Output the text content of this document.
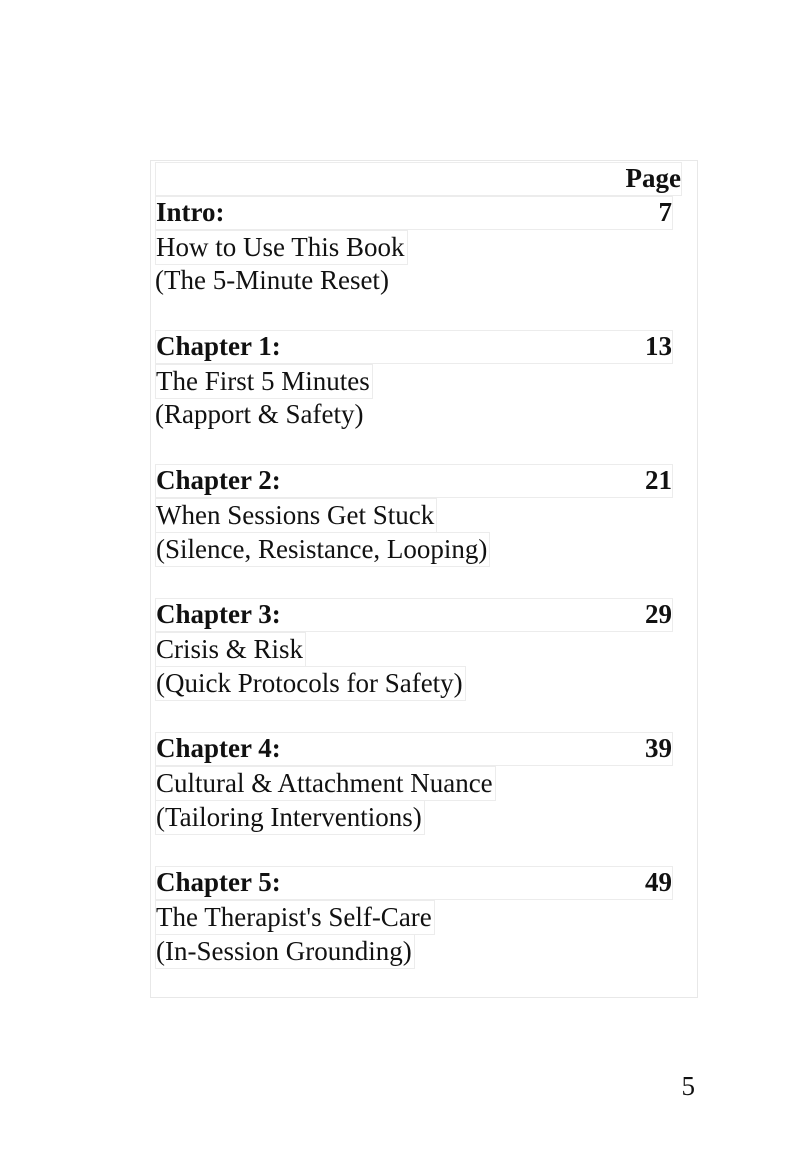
Page
Intro:	7
How to Use This Book
(The 5-Minute Reset)
Chapter 1:	13
The First 5 Minutes
(Rapport & Safety)
Chapter 2:	21
When Sessions Get Stuck
(Silence, Resistance, Looping)
Chapter 3:	29
Crisis & Risk
(Quick Protocols for Safety)
Chapter 4:	39
Cultural & Attachment Nuance
(Tailoring Interventions)
Chapter 5:	49
The Therapist's Self-Care
(In-Session Grounding)
5
